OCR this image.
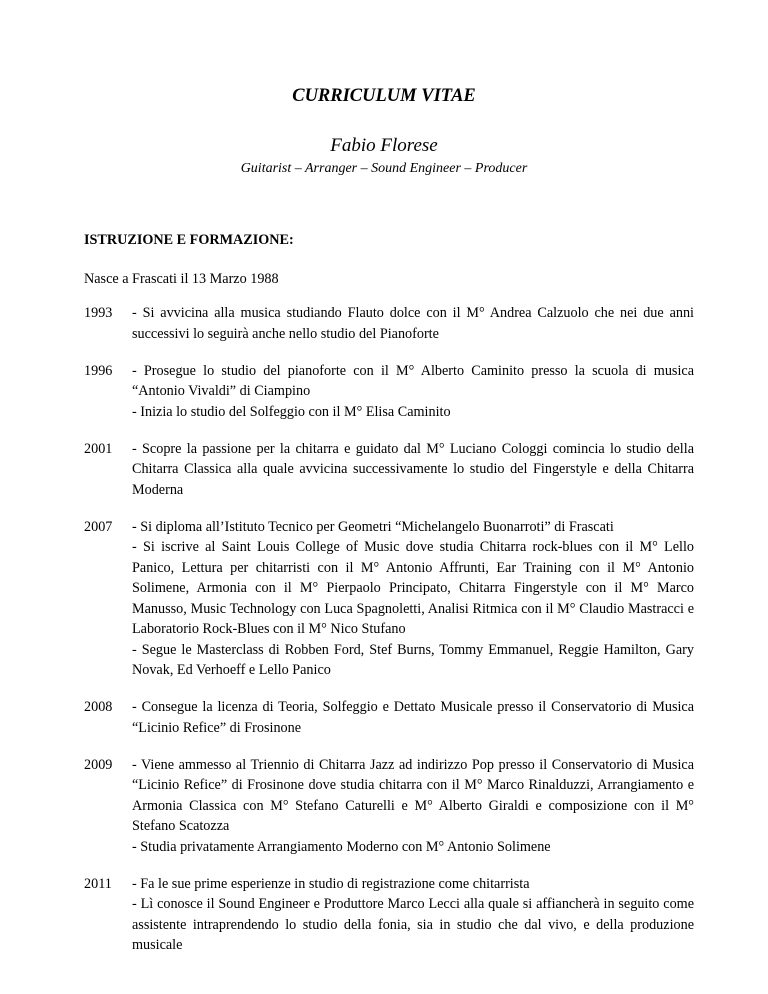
CURRICULUM VITAE
Fabio Florese
Guitarist – Arranger – Sound Engineer – Producer
ISTRUZIONE E FORMAZIONE:
Nasce a Frascati il 13 Marzo 1988
1993	- Si avvicina alla musica studiando Flauto dolce con il M° Andrea Calzuolo che nei due anni successivi lo seguirà anche nello studio del Pianoforte
1996	- Prosegue lo studio del pianoforte con il M° Alberto Caminito presso la scuola di musica “Antonio Vivaldi” di Ciampino
- Inizia lo studio del Solfeggio con il M° Elisa Caminito
2001	- Scopre la passione per la chitarra e guidato dal M° Luciano Cologgi comincia lo studio della Chitarra Classica alla quale avvicina successivamente lo studio del Fingerstyle e della Chitarra Moderna
2007	- Si diploma all’Istituto Tecnico per Geometri “Michelangelo Buonarroti” di Frascati
- Si iscrive al Saint Louis College of Music dove studia Chitarra rock-blues con il M° Lello Panico, Lettura per chitarristi con il M° Antonio Affrunti, Ear Training con il M° Antonio Solimene, Armonia con il M° Pierpaolo Principato, Chitarra Fingerstyle con il M° Marco Manusso, Music Technology con Luca Spagnoletti, Analisi Ritmica con il M° Claudio Mastracci e Laboratorio Rock-Blues con il M° Nico Stufano
- Segue le Masterclass di Robben Ford, Stef Burns, Tommy Emmanuel, Reggie Hamilton, Gary Novak, Ed Verhoeff e Lello Panico
2008	- Consegue la licenza di Teoria, Solfeggio e Dettato Musicale presso il Conservatorio di Musica “Licinio Refice” di Frosinone
2009	- Viene ammesso al Triennio di Chitarra Jazz ad indirizzo Pop presso il Conservatorio di Musica “Licinio Refice” di Frosinone dove studia chitarra con il M° Marco Rinalduzzi, Arrangiamento e Armonia Classica con M° Stefano Caturelli e M° Alberto Giraldi e composizione con il M° Stefano Scatozza
- Studia privatamente Arrangiamento Moderno con M° Antonio Solimene
2011	- Fa le sue prime esperienze in studio di registrazione come chitarrista
- Lì conosce il Sound Engineer e Produttore Marco Lecci alla quale si affiancherà in seguito come assistente intraprendendo lo studio della fonia, sia in studio che dal vivo, e della produzione musicale
